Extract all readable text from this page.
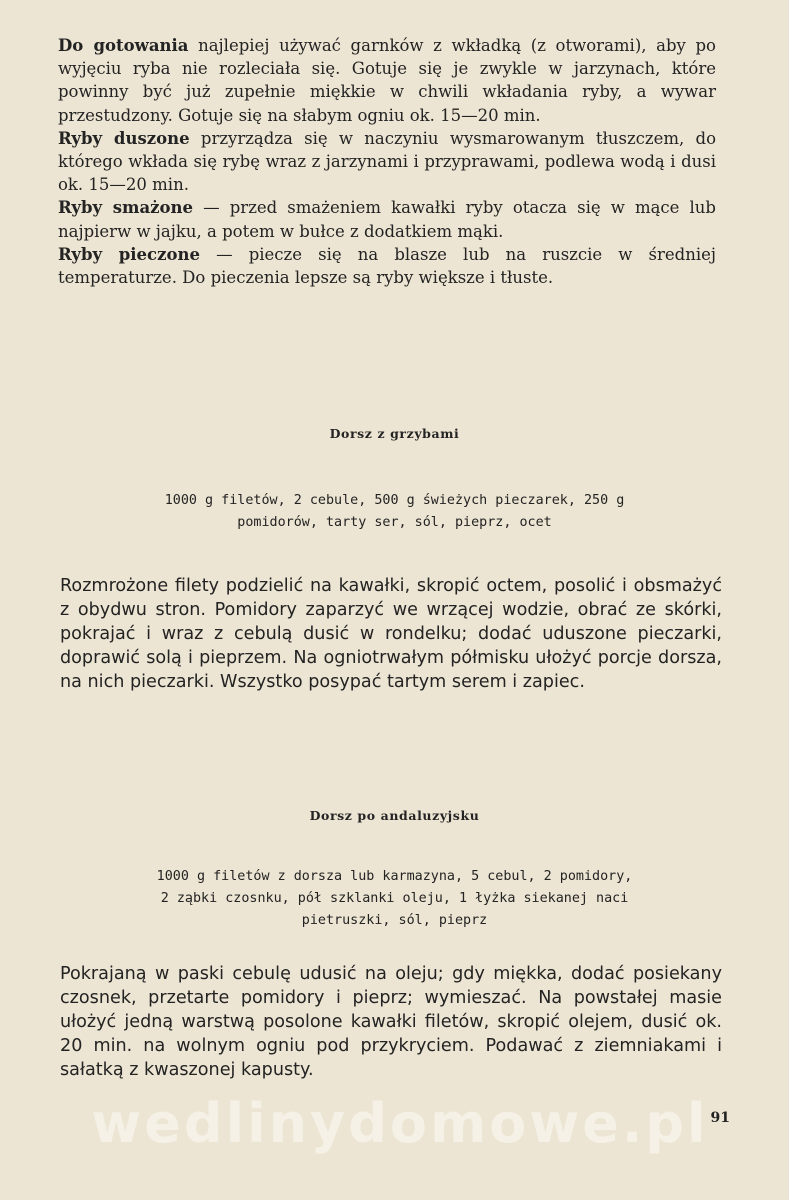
Do gotowania najlepiej używać garnków z wkładką (z otworami), aby po wyjęciu ryba nie rozleciała się. Gotuje się je zwykle w jarzynach, które powinny być już zupełnie miękkie w chwili wkładania ryby, a wywar przestudzony. Gotuje się na słabym ogniu ok. 15—20 min.

Ryby duszone przyrządza się w naczyniu wysmarowanym tłuszczem, do którego wkłada się rybę wraz z jarzynami i przyprawami, podlewa wodą i dusi ok. 15—20 min.

Ryby smażone — przed smażeniem kawałki ryby otacza się w mące lub najpierw w jajku, a potem w bułce z dodatkiem mąki.

Ryby pieczone — piecze się na blasze lub na ruszcie w średniej temperaturze. Do pieczenia lepsze są ryby większe i tłuste.

Dorsz z grzybami

1000 g filetów, 2 cebule, 500 g świeżych pieczarek, 250 g

pomidorów, tarty ser, sól, pieprz, ocet

Rozmrożone filety podzielić na kawałki, skropić octem, posolić i obsmażyć z obydwu stron. Pomidory zaparzyć we wrzącej wodzie, obrać ze skórki, pokrajać i wraz z cebulą dusić w rondelku; dodać uduszone pieczarki, doprawić solą i pieprzem. Na ogniotrwałym półmisku ułożyć porcje dorsza, na nich pieczarki. Wszystko posypać tartym serem i zapiec.
Dorsz po andaluzyjsku

1000 g filetów z dorsza lub karmazyna, 5 cebul, 2 pomidory,

2 ząbki czosnku, pół szklanki oleju, 1 łyżka siekanej naci

pietruszki, sól, pieprz

Pokrajaną w paski cebulę udusić na oleju; gdy miękka, dodać posiekany czosnek, przetarte pomidory i pieprz; wymieszać. Na powstałej masie ułożyć jedną warstwą posolone kawałki filetów, skropić olejem, dusić ok. 20 min. na wolnym ogniu pod przykryciem. Podawać z ziemniakami i sałatką z kwaszonej kapusty.
wedlinydomowe.pl 91
